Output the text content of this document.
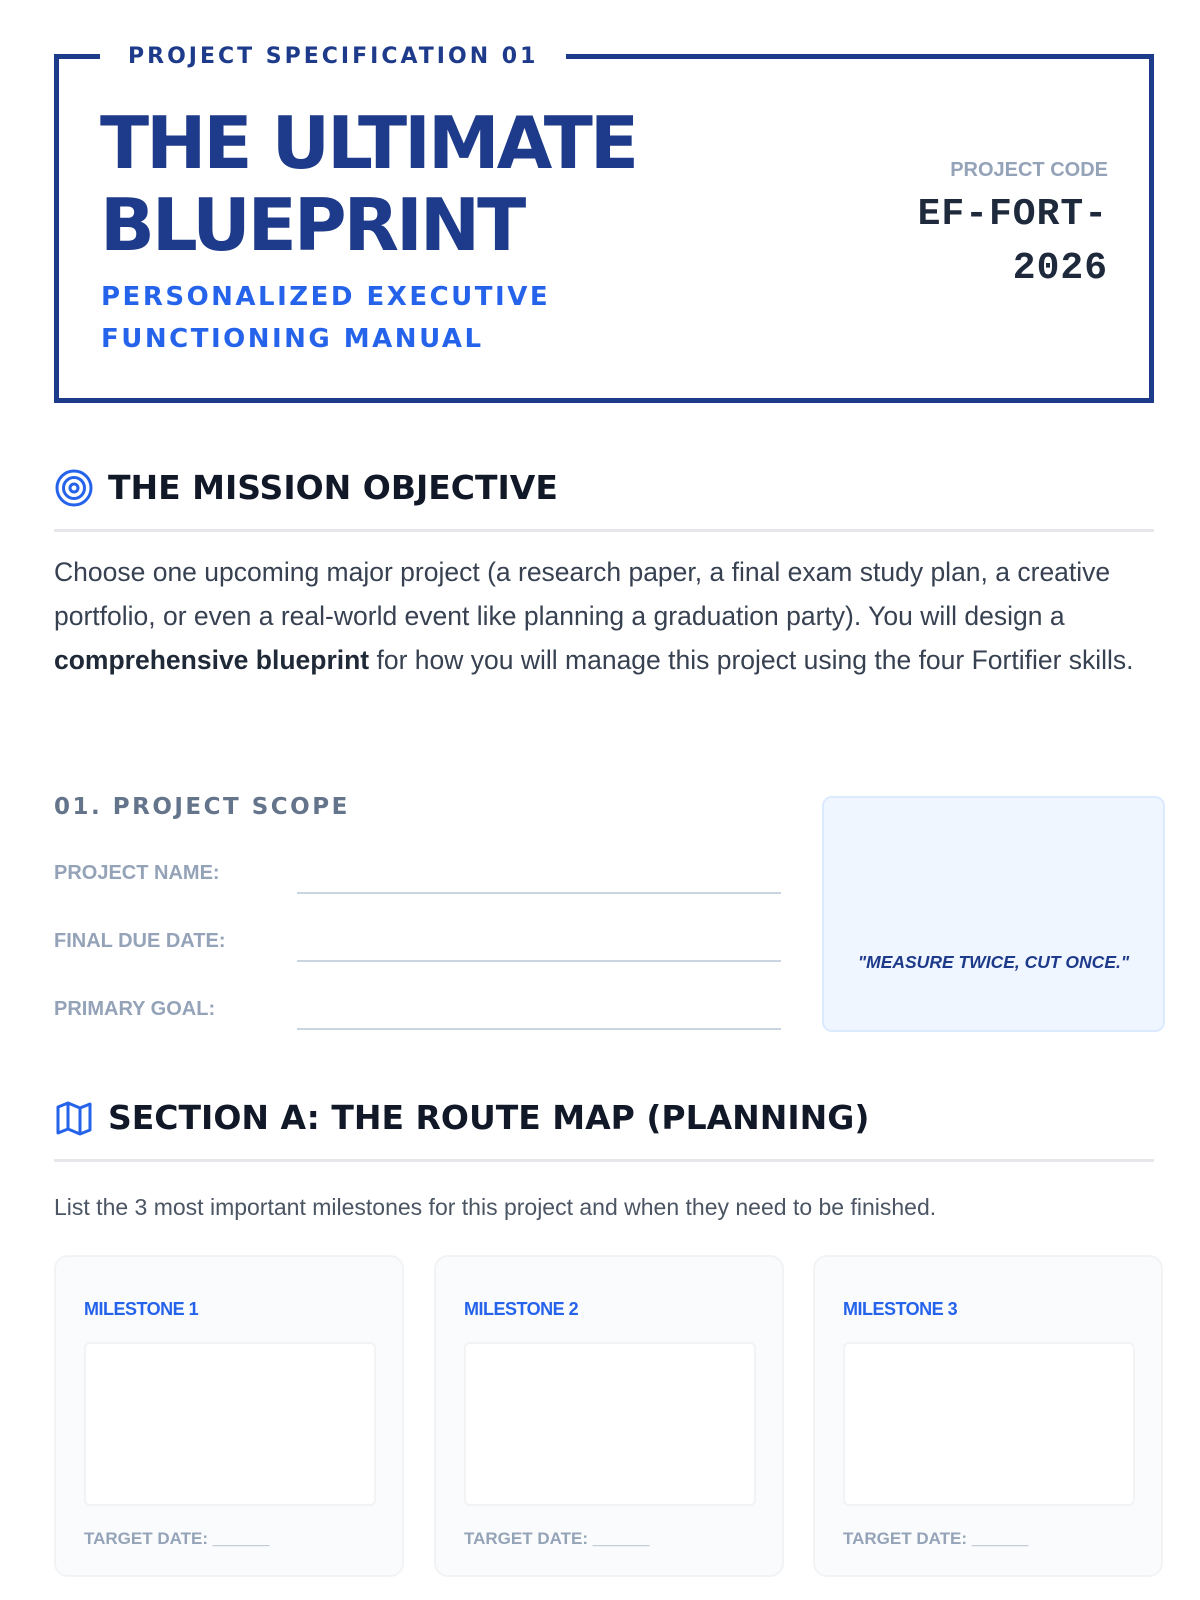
PROJECT SPECIFICATION 01
THE ULTIMATE
BLUEPRINT
PERSONALIZED EXECUTIVE FUNCTIONING MANUAL
PROJECT CODE
EF-FORT-
2026
THE MISSION OBJECTIVE

Choose one upcoming major project (a research paper, a final exam study plan, a creative portfolio, or even a real-world event like planning a graduation party). You will design a comprehensive blueprint for how you will manage this project using the four Fortifier skills.

01. PROJECT SCOPE
PROJECT NAME:
FINAL DUE DATE:
PRIMARY GOAL:
"MEASURE TWICE, CUT ONCE."
SECTION A: THE ROUTE MAP (PLANNING)
List the 3 most important milestones for this project and when they need to be finished.
MILESTONE 1
TARGET DATE: ______
MILESTONE 2
TARGET DATE: ______
MILESTONE 3
TARGET DATE: ______
